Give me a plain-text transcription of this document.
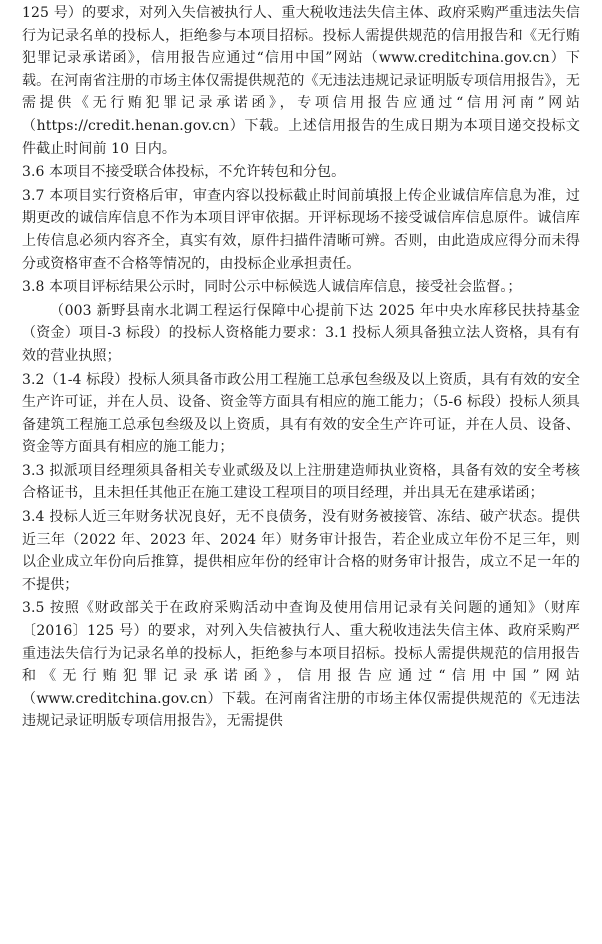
125 号）的要求，对列入失信被执行人、重大税收违法失信主体、政府采购严重违法失信行为记录名单的投标人，拒绝参与本项目招标。投标人需提供规范的信用报告和《无行贿犯罪记录承诺函》，信用报告应通过“信用中国”网站（www.creditchina.gov.cn）下载。在河南省注册的市场主体仅需提供规范的《无违法违规记录证明版专项信用报告》，无需提供《无行贿犯罪记录承诺函》，专项信用报告应通过“信用河南”网站（https://credit.henan.gov.cn）下载。上述信用报告的生成日期为本项目递交投标文件截止时间前 10 日内。

3.6 本项目不接受联合体投标，不允许转包和分包。

3.7 本项目实行资格后审，审查内容以投标截止时间前填报上传企业诚信库信息为准，过期更改的诚信库信息不作为本项目评审依据。开评标现场不接受诚信库信息原件。诚信库上传信息必须内容齐全，真实有效，原件扫描件清晰可辨。否则，由此造成应得分而未得分或资格审查不合格等情况的，由投标企业承担责任。

3.8 本项目评标结果公示时，同时公示中标候选人诚信库信息，接受社会监督。；

（003 新野县南水北调工程运行保障中心提前下达 2025 年中央水库移民扶持基金（资金）项目-3 标段）的投标人资格能力要求：3.1 投标人须具备独立法人资格，具有有效的营业执照；

3.2（1-4 标段）投标人须具备市政公用工程施工总承包叁级及以上资质，具有有效的安全生产许可证，并在人员、设备、资金等方面具有相应的施工能力；（5-6 标段）投标人须具备建筑工程施工总承包叁级及以上资质，具有有效的安全生产许可证，并在人员、设备、资金等方面具有相应的施工能力；

3.3 拟派项目经理须具备相关专业贰级及以上注册建造师执业资格，具备有效的安全考核合格证书，且未担任其他正在施工建设工程项目的项目经理，并出具无在建承诺函；

3.4 投标人近三年财务状况良好，无不良债务，没有财务被接管、冻结、破产状态。提供近三年（2022 年、2023 年、2024 年）财务审计报告，若企业成立年份不足三年，则以企业成立年份向后推算，提供相应年份的经审计合格的财务审计报告，成立不足一年的不提供；

3.5 按照《财政部关于在政府采购活动中查询及使用信用记录有关问题的通知》（财库〔2016〕125 号）的要求，对列入失信被执行人、重大税收违法失信主体、政府采购严重违法失信行为记录名单的投标人，拒绝参与本项目招标。投标人需提供规范的信用报告和《无行贿犯罪记录承诺函》，信用报告应通过“信用中国”网站（www.creditchina.gov.cn）下载。在河南省注册的市场主体仅需提供规范的《无违法违规记录证明版专项信用报告》，无需提供
